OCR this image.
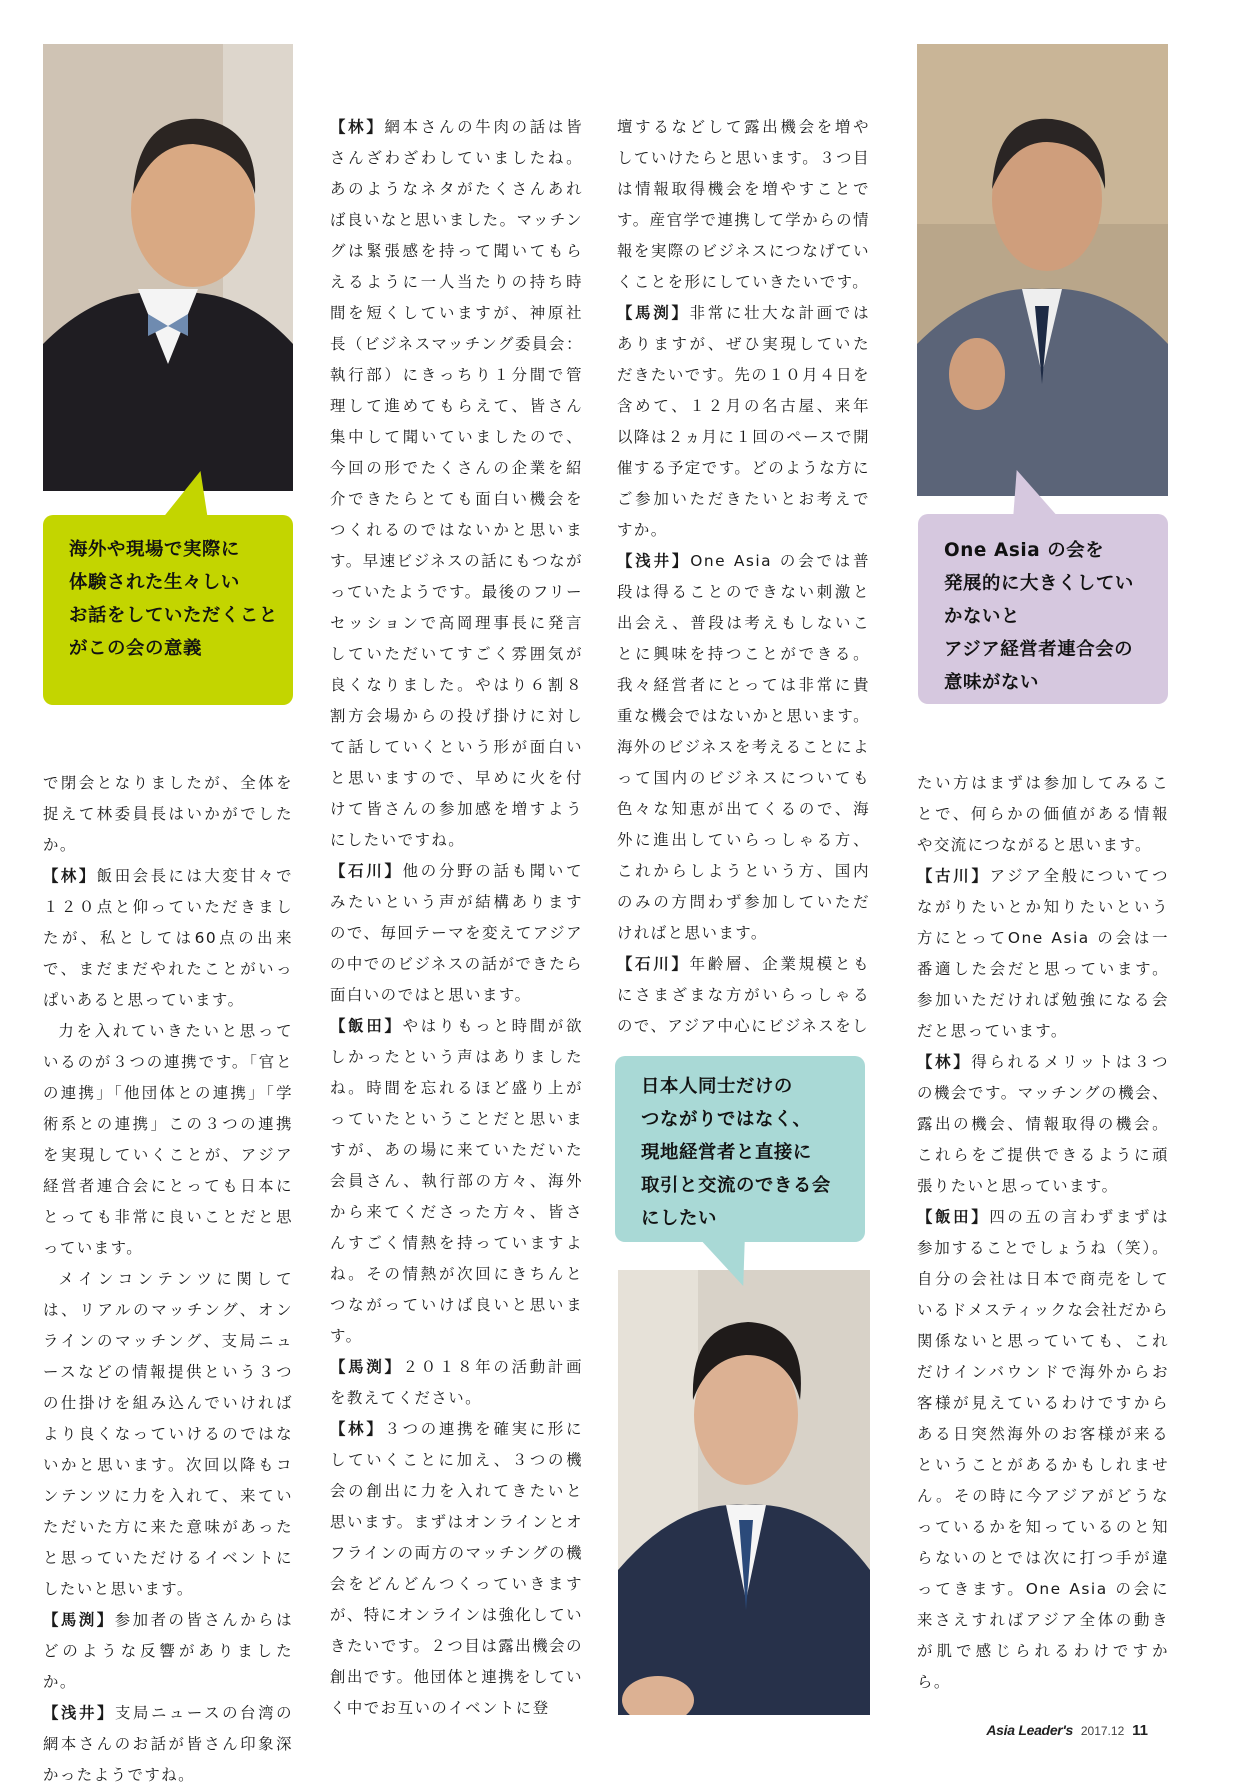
海外や現場で実際に

体験された生々しい

お話をしていただくこと

がこの会の意義

One Asia の会を

発展的に大きくしてい

かないと

アジア経営者連合会の

意味がない

日本人同士だけの

つながりではなく、

現地経営者と直接に

取引と交流のできる会

にしたい

で閉会となりましたが、全体を捉えて林委員長はいかがでしたか。

【林】飯田会長には大変甘々で１２０点と仰っていただきましたが、私としては60点の出来で、まだまだやれたことがいっぱいあると思っています。

力を入れていきたいと思っているのが３つの連携です。「官との連携」「他団体との連携」「学術系との連携」この３つの連携を実現していくことが、アジア経営者連合会にとっても日本にとっても非常に良いことだと思っています。

メインコンテンツに関しては、リアルのマッチング、オンラインのマッチング、支局ニュースなどの情報提供という３つの仕掛けを組み込んでいければより良くなっていけるのではないかと思います。次回以降もコンテンツに力を入れて、来ていただいた方に来た意味があったと思っていただけるイベントにしたいと思います。

【馬渕】参加者の皆さんからはどのような反響がありましたか。

【浅井】支局ニュースの台湾の網本さんのお話が皆さん印象深かったようですね。

【林】網本さんの牛肉の話は皆さんざわざわしていましたね。あのようなネタがたくさんあれば良いなと思いました。マッチングは緊張感を持って聞いてもらえるように一人当たりの持ち時間を短くしていますが、神原社長（ビジネスマッチング委員会：執行部）にきっちり１分間で管理して進めてもらえて、皆さん集中して聞いていましたので、今回の形でたくさんの企業を紹介できたらとても面白い機会をつくれるのではないかと思います。早速ビジネスの話にもつながっていたようです。最後のフリーセッションで高岡理事長に発言していただいてすごく雰囲気が良くなりました。やはり６割８割方会場からの投げ掛けに対して話していくという形が面白いと思いますので、早めに火を付けて皆さんの参加感を増すようにしたいですね。

【石川】他の分野の話も聞いてみたいという声が結構ありますので、毎回テーマを変えてアジアの中でのビジネスの話ができたら面白いのではと思います。

【飯田】やはりもっと時間が欲しかったという声はありましたね。時間を忘れるほど盛り上がっていたということだと思いますが、あの場に来ていただいた会員さん、執行部の方々、海外から来てくださった方々、皆さんすごく情熱を持っていますよね。その情熱が次回にきちんとつながっていけば良いと思います。

【馬渕】２０１８年の活動計画を教えてください。

【林】３つの連携を確実に形にしていくことに加え、３つの機会の創出に力を入れてきたいと思います。まずはオンラインとオフラインの両方のマッチングの機会をどんどんつくっていきますが、特にオンラインは強化していきたいです。２つ目は露出機会の創出です。他団体と連携をしていく中でお互いのイベントに登

壇するなどして露出機会を増やしていけたらと思います。３つ目は情報取得機会を増やすことです。産官学で連携して学からの情報を実際のビジネスにつなげていくことを形にしていきたいです。

【馬渕】非常に壮大な計画ではありますが、ぜひ実現していただきたいです。先の１０月４日を含めて、１２月の名古屋、来年以降は２ヵ月に１回のペースで開催する予定です。どのような方にご参加いただきたいとお考えですか。

【浅井】One Asia の会では普段は得ることのできない刺激と出会え、普段は考えもしないことに興味を持つことができる。我々経営者にとっては非常に貴重な機会ではないかと思います。海外のビジネスを考えることによって国内のビジネスについても色々な知恵が出てくるので、海外に進出していらっしゃる方、これからしようという方、国内のみの方問わず参加していただければと思います。

【石川】年齢層、企業規模ともにさまざまな方がいらっしゃるので、アジア中心にビジネスをし

たい方はまずは参加してみることで、何らかの価値がある情報や交流につながると思います。

【古川】アジア全般についてつながりたいとか知りたいという方にとってOne Asia の会は一番適した会だと思っています。参加いただければ勉強になる会だと思っています。

【林】得られるメリットは３つの機会です。マッチングの機会、露出の機会、情報取得の機会。これらをご提供できるように頑張りたいと思っています。

【飯田】四の五の言わずまずは参加することでしょうね（笑）。自分の会社は日本で商売をしているドメスティックな会社だから関係ないと思っていても、これだけインバウンドで海外からお客様が見えているわけですからある日突然海外のお客様が来るということがあるかもしれません。その時に今アジアがどうなっているかを知っているのと知らないのとでは次に打つ手が違ってきます。One Asia の会に来さえすればアジア全体の動きが肌で感じられるわけですから。

Asia Leader's 2017.12 11
